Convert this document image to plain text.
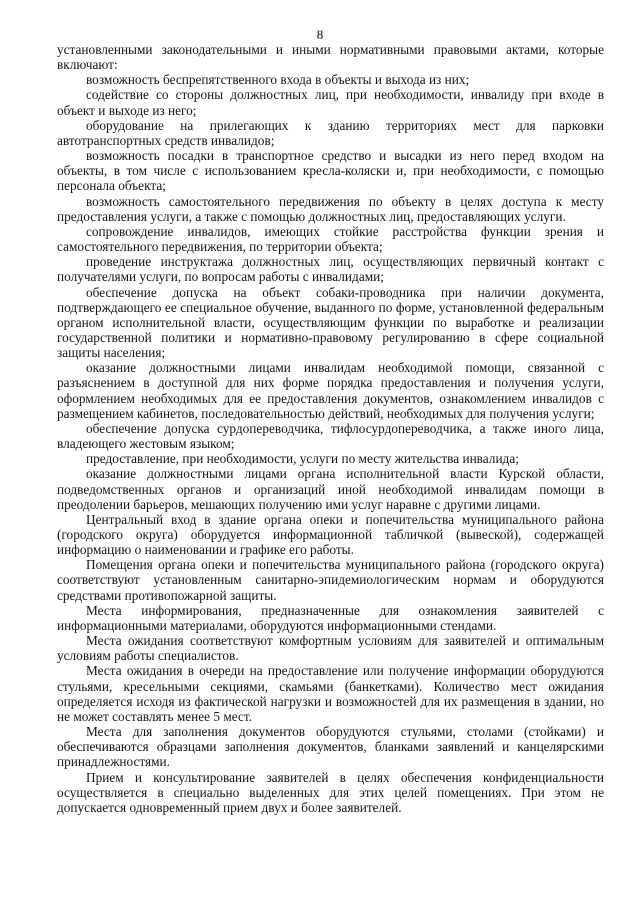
8

установленными законодательными и иными нормативными правовыми актами, которые включают:

возможность беспрепятственного входа в объекты и выхода из них;

содействие со стороны должностных лиц, при необходимости, инвалиду при входе в объект и выходе из него;

оборудование на прилегающих к зданию территориях мест для парковки автотранспортных средств инвалидов;

возможность посадки в транспортное средство и высадки из него перед входом на объекты, в том числе с использованием кресла-коляски и, при необходимости, с помощью персонала объекта;

возможность самостоятельного передвижения по объекту в целях доступа к месту предоставления услуги, а также с помощью должностных лиц, предоставляющих услуги.

сопровождение инвалидов, имеющих стойкие расстройства функции зрения и самостоятельного передвижения, по территории объекта;

проведение инструктажа должностных лиц, осуществляющих первичный контакт с получателями услуги, по вопросам работы с инвалидами;

обеспечение допуска на объект собаки-проводника при наличии документа, подтверждающего ее специальное обучение, выданного по форме, установленной федеральным органом исполнительной власти, осуществляющим функции по выработке и реализации государственной политики и нормативно-правовому регулированию в сфере социальной защиты населения;

оказание должностными лицами инвалидам необходимой помощи, связанной с разъяснением в доступной для них форме порядка предоставления и получения услуги, оформлением необходимых для ее предоставления документов, ознакомлением инвалидов с размещением кабинетов, последовательностью действий, необходимых для получения услуги;

обеспечение допуска сурдопереводчика, тифлосурдопереводчика, а также иного лица, владеющего жестовым языком;

предоставление, при необходимости, услуги по месту жительства инвалида;

оказание должностными лицами органа исполнительной власти Курской области, подведомственных органов и организаций иной необходимой инвалидам помощи в преодолении барьеров, мешающих получению ими услуг наравне с другими лицами.

Центральный вход в здание органа опеки и попечительства муниципального района (городского округа) оборудуется информационной табличкой (вывеской), содержащей информацию о наименовании и графике его работы.

Помещения органа опеки и попечительства муниципального района (городского округа) соответствуют установленным санитарно-эпидемиологическим нормам и оборудуются средствами противопожарной защиты.

Места информирования, предназначенные для ознакомления заявителей с информационными материалами, оборудуются информационными стендами.

Места ожидания соответствуют комфортным условиям для заявителей и оптимальным условиям работы специалистов.

Места ожидания в очереди на предоставление или получение информации оборудуются стульями, кресельными секциями, скамьями (банкетками). Количество мест ожидания определяется исходя из фактической нагрузки и возможностей для их размещения в здании, но не может составлять менее 5 мест.

Места для заполнения документов оборудуются стульями, столами (стойками) и обеспечиваются образцами заполнения документов, бланками заявлений и канцелярскими принадлежностями.

Прием и консультирование заявителей в целях обеспечения конфиденциальности осуществляется в специально выделенных для этих целей помещениях. При этом не допускается одновременный прием двух и более заявителей.
